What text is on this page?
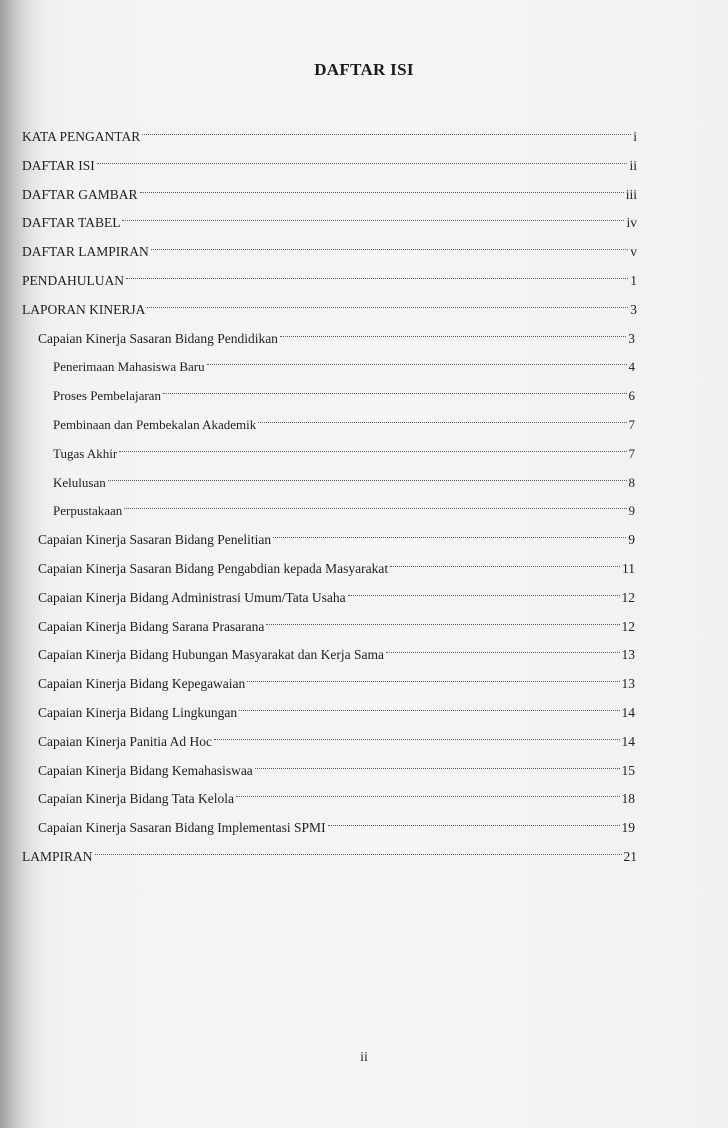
DAFTAR ISI
KATA PENGANTAR	i
DAFTAR ISI	ii
DAFTAR GAMBAR	iii
DAFTAR TABEL	iv
DAFTAR LAMPIRAN	v
PENDAHULUAN	1
LAPORAN KINERJA	3
Capaian Kinerja Sasaran Bidang Pendidikan	3
Penerimaan Mahasiswa Baru	4
Proses Pembelajaran	6
Pembinaan dan Pembekalan Akademik	7
Tugas Akhir	7
Kelulusan	8
Perpustakaan	9
Capaian Kinerja Sasaran Bidang Penelitian	9
Capaian Kinerja Sasaran Bidang Pengabdian kepada Masyarakat	11
Capaian Kinerja Bidang Administrasi Umum/Tata Usaha	12
Capaian Kinerja Bidang Sarana Prasarana	12
Capaian Kinerja Bidang Hubungan Masyarakat dan Kerja Sama	13
Capaian Kinerja Bidang Kepegawaian	13
Capaian Kinerja Bidang Lingkungan	14
Capaian Kinerja Panitia Ad Hoc	14
Capaian Kinerja Bidang Kemahasiswaa	15
Capaian Kinerja Bidang Tata Kelola	18
Capaian Kinerja Sasaran Bidang Implementasi SPMI	19
LAMPIRAN	21
ii
